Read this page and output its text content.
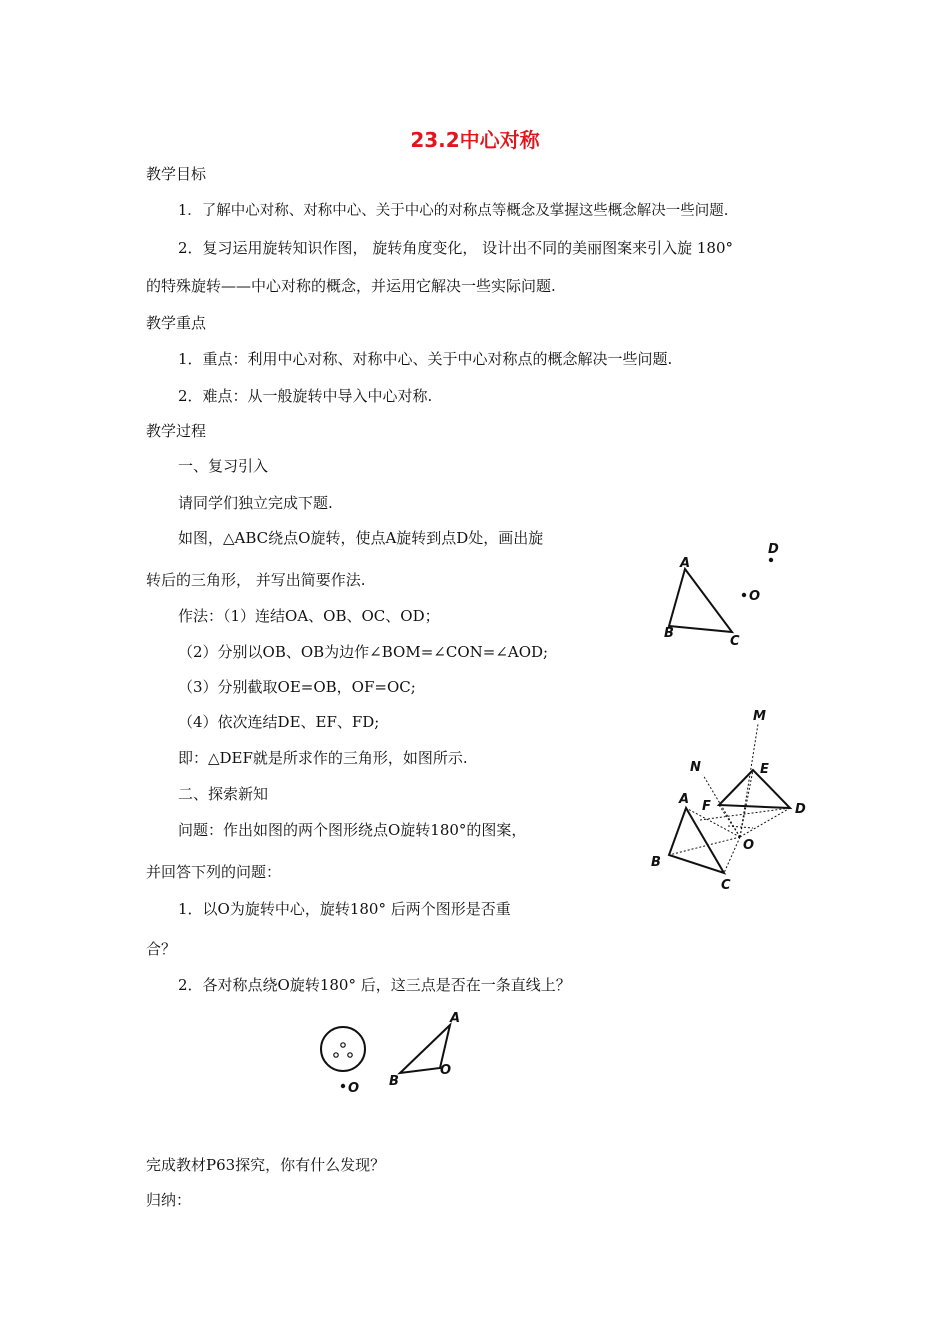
23.2中心对称
教学目标
1．了解中心对称、对称中心、关于中心的对称点等概念及掌握这些概念解决一些问题.
2．复习运用旋转知识作图， 旋转角度变化， 设计出不同的美丽图案来引入旋 180°
的特殊旋转——中心对称的概念，并运用它解决一些实际问题.
教学重点
1．重点：利用中心对称、对称中心、关于中心对称点的概念解决一些问题.
2．难点：从一般旋转中导入中心对称.
教学过程
一、复习引入
请同学们独立完成下题.
如图，△ABC绕点O旋转，使点A旋转到点D处，画出旋
转后的三角形， 并写出简要作法.
作法：（1）连结OA、OB、OC、OD；
（2）分别以OB、OB为边作∠BOM=∠CON=∠AOD;
（3）分别截取OE=OB，OF=OC;
（4）依次连结DE、EF、FD;
即：△DEF就是所求作的三角形，如图所示.
二、探索新知
问题：作出如图的两个图形绕点O旋转180°的图案，
并回答下列的问题：
1．以O为旋转中心，旋转180° 后两个图形是否重
合？
2．各对称点绕O旋转180° 后，这三点是否在一条直线上？
完成教材P63探究，你有什么发现？
归纳：
A
B
C
O
D
M
N	E
D
A F
O
B
C
O
A
B
O
